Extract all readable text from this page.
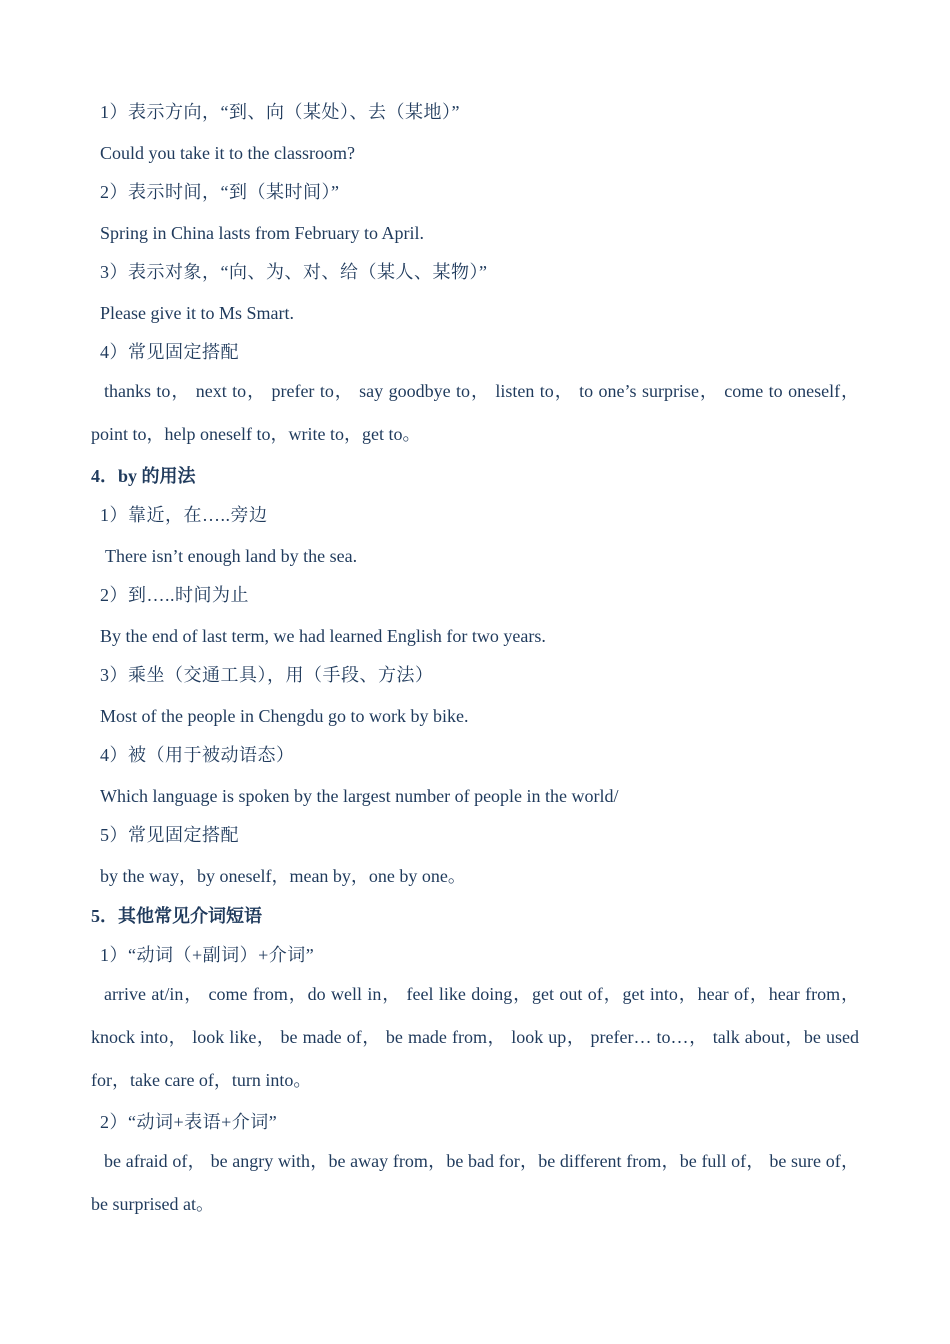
1）表示方向，“到、向（某处）、去（某地）”
Could you take it to the classroom?
2）表示时间，“到（某时间）”
Spring in China lasts from February to April.
3）表示对象，“向、为、对、给（某人、某物）”
Please give it to Ms Smart.
4）常见固定搭配
thanks to， next to， prefer to， say goodbye to， listen to， to one’s surprise， come to oneself，point to，help oneself to，write to，get to。
4．by 的用法
1）靠近，在…..旁边
There isn’t enough land by the sea.
2）到…..时间为止
By the end of last term, we had learned English for two years.
3）乘坐（交通工具），用（手段、方法）
Most of the people in Chengdu go to work by bike.
4）被（用于被动语态）
Which language is spoken by the largest number of people in the world/
5）常见固定搭配
by the way，by oneself，mean by，one by one。
5．其他常见介词短语
1）“动词（+副词）+介词”
arrive at/in， come from，do well in， feel like doing，get out of，get into，hear of，hear from， knock into， look like， be made of， be made from， look up， prefer… to…， talk about，be used for，take care of，turn into。
2）“动词+表语+介词”
be afraid of， be angry with，be away from，be bad for，be different from，be full of， be sure of，be surprised at。
